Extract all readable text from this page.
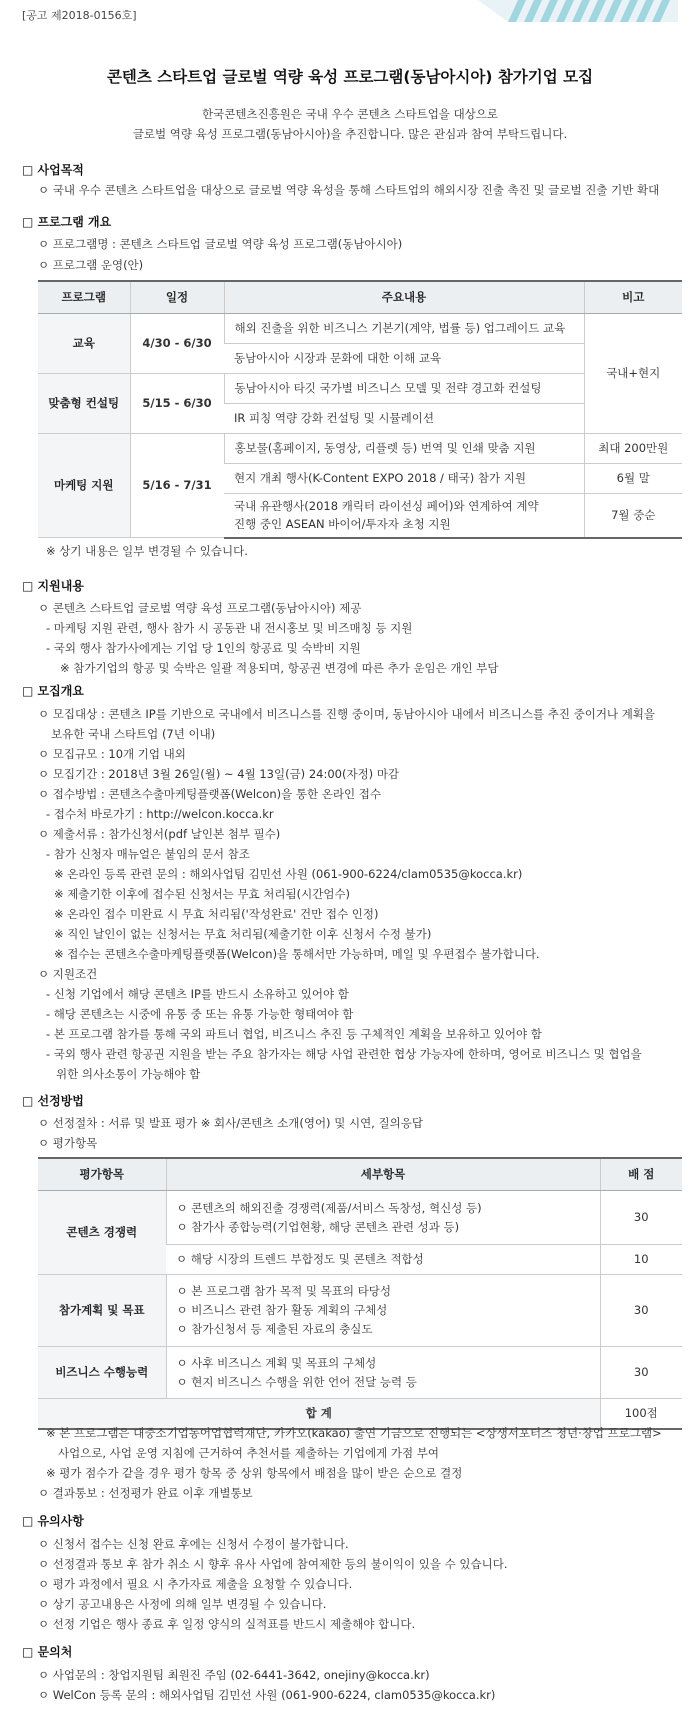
[공고 제2018-0156호]
콘텐츠 스타트업 글로벌 역량 육성 프로그램(동남아시아) 참가기업 모집
한국콘텐츠진흥원은 국내 우수 콘텐츠 스타트업을 대상으로
글로벌 역량 육성 프로그램(동남아시아)을 추진합니다. 많은 관심과 참여 부탁드립니다.
□ 사업목적
ㅇ 국내 우수 콘텐츠 스타트업을 대상으로 글로벌 역량 육성을 통해 스타트업의 해외시장 진출 촉진 및 글로벌 진출 기반 확대
□ 프로그램 개요
ㅇ 프로그램명 : 콘텐츠 스타트업 글로벌 역량 육성 프로그램(동남아시아)
ㅇ 프로그램 운영(안)
프로그램	일정	주요내용	비고
교육	4/30 - 6/30	해외 진출을 위한 비즈니스 기본기(계약, 법률 등) 업그레이드 교육	국내+현지
		동남아시아 시장과 문화에 대한 이해 교육	
맞춤형 컨설팅	5/15 - 6/30	동남아시아 타깃 국가별 비즈니스 모델 및 전략 경고화 컨설팅	
		IR 피칭 역량 강화 컨설팅 및 시뮬레이션	
마케팅 지원	5/16 - 7/31	홍보물(홈페이지, 동영상, 리플렛 등) 번역 및 인쇄 맞춤 지원	최대 200만원
		현지 개최 행사(K-Content EXPO 2018 / 태국) 참가 지원	6월 말

		국내 유관행사(2018 캐릭터 라이선싱 페어)와 연계하여 계약
진행 중인 ASEAN 바이어/투자자 초청 지원	7월 중순
※ 상기 내용은 일부 변경될 수 있습니다.
□ 지원내용
ㅇ 콘텐츠 스타트업 글로벌 역량 육성 프로그램(동남아시아) 제공
- 마케팅 지원 관련, 행사 참가 시 공동관 내 전시홍보 및 비즈매칭 등 지원
- 국외 행사 참가사에게는 기업 당 1인의 항공료 및 숙박비 지원
※ 참가기업의 항공 및 숙박은 일괄 적용되며, 항공권 변경에 따른 추가 운임은 개인 부담
□ 모집개요
ㅇ 모집대상 : 콘텐츠 IP를 기반으로 국내에서 비즈니스를 진행 중이며, 동남아시아 내에서 비즈니스를 추진 중이거나 계획을
보유한 국내 스타트업 (7년 이내)
ㅇ 모집규모 : 10개 기업 내외
ㅇ 모집기간 : 2018년 3월 26일(월) ~ 4월 13일(금) 24:00(자정) 마감
ㅇ 접수방법 : 콘텐츠수출마케팅플랫폼(Welcon)을 통한 온라인 접수
- 접수처 바로가기 : http://welcon.kocca.kr
ㅇ 제출서류 : 참가신청서(pdf 날인본 첨부 필수)
- 참가 신청자 매뉴얼은 붙임의 문서 참조
※ 온라인 등록 관련 문의 : 해외사업팀 김민선 사원 (061-900-6224/clam0535@kocca.kr)
※ 제출기한 이후에 접수된 신청서는 무효 처리됨(시간엄수)
※ 온라인 접수 미완료 시 무효 처리됨('작성완료' 건만 접수 인정)
※ 직인 날인이 없는 신청서는 무효 처리됨(제출기한 이후 신청서 수정 불가)
※ 접수는 콘텐츠수출마케팅플랫폼(Welcon)을 통해서만 가능하며, 메일 및 우편접수 불가합니다.
ㅇ 지원조건
- 신청 기업에서 해당 콘텐츠 IP를 반드시 소유하고 있어야 함
- 해당 콘텐츠는 시중에 유통 중 또는 유통 가능한 형태여야 함
- 본 프로그램 참가를 통해 국외 파트너 협업, 비즈니스 추진 등 구체적인 계획을 보유하고 있어야 함
- 국외 행사 관련 항공권 지원을 받는 주요 참가자는 해당 사업 관련한 협상 가능자에 한하며, 영어로 비즈니스 및 협업을
위한 의사소통이 가능해야 함
□ 선정방법
ㅇ 선정절차 : 서류 및 발표 평가 ※ 회사/콘텐츠 소개(영어) 및 시연, 질의응답
ㅇ 평가항목
평가항목	세부항목	배 점
콘텐츠 경쟁력	ㅇ 콘텐츠의 해외진출 경쟁력(제품/서비스 독창성, 혁신성 등)
ㅇ 참가사 종합능력(기업현황, 해당 콘텐츠 관련 성과 등)	30
	ㅇ 해당 시장의 트렌드 부합정도 및 콘텐츠 적합성	10
참가계획 및 목표	ㅇ 본 프로그램 참가 목적 및 목표의 타당성
ㅇ 비즈니스 관련 참가 활동 계획의 구체성
ㅇ 참가신청서 등 제출된 자료의 충실도	30
비즈니스 수행능력	ㅇ 사후 비즈니스 계획 및 목표의 구체성
ㅇ 현지 비즈니스 수행을 위한 언어 전달 능력 등	30
합 계		100점
※ 본 프로그램은 대중소기업농어업협력재단, 카카오(kakao) 출연 기금으로 진행되는 <상생서포터즈 청년·창업 프로그램>
사업으로, 사업 운영 지침에 근거하여 추천서를 제출하는 기업에게 가점 부여
※ 평가 점수가 같을 경우 평가 항목 중 상위 항목에서 배점을 많이 받은 순으로 결정
ㅇ 결과통보 : 선정평가 완료 이후 개별통보
□ 유의사항
ㅇ 신청서 접수는 신청 완료 후에는 신청서 수정이 불가합니다.
ㅇ 선정결과 통보 후 참가 취소 시 향후 유사 사업에 참여제한 등의 불이익이 있을 수 있습니다.
ㅇ 평가 과정에서 필요 시 추가자료 제출을 요청할 수 있습니다.
ㅇ 상기 공고내용은 사정에 의해 일부 변경될 수 있습니다.
ㅇ 선정 기업은 행사 종료 후 일정 양식의 실적표를 반드시 제출해야 합니다.
□ 문의처
ㅇ 사업문의 : 창업지원팀 최원진 주임 (02-6441-3642, onejiny@kocca.kr)
ㅇ WelCon 등록 문의 : 해외사업팀 김민선 사원 (061-900-6224, clam0535@kocca.kr)
